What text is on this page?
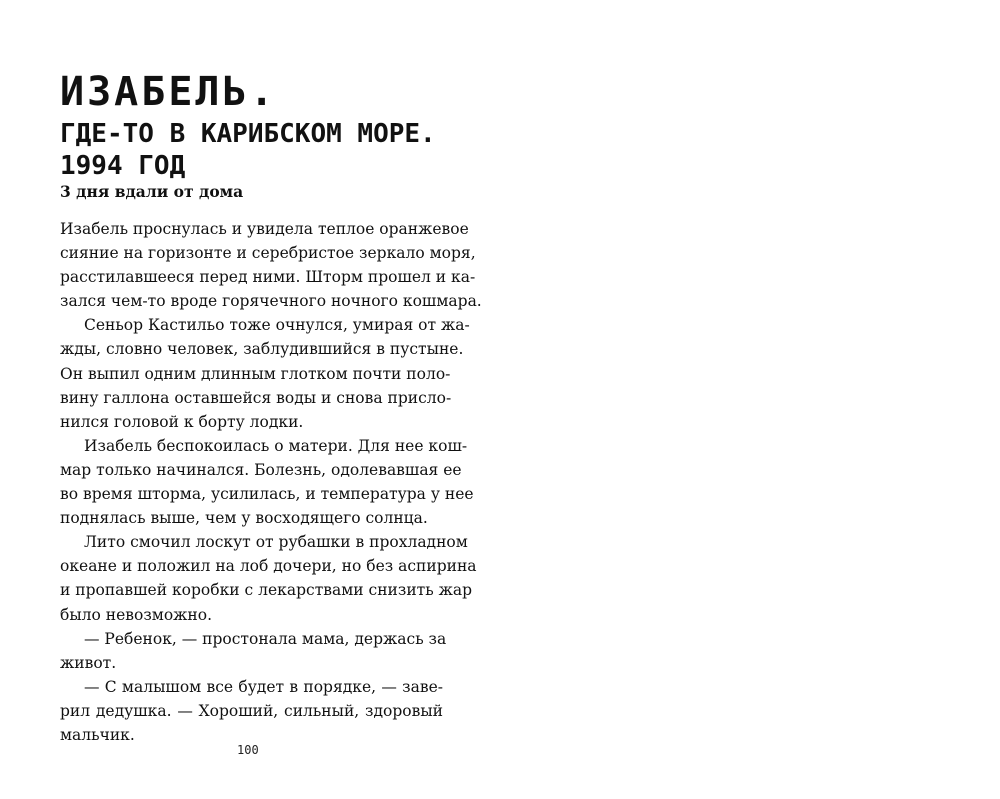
ИЗАБЕЛЬ.
ГДЕ-ТО В КАРИБСКОМ МОРЕ. 1994 ГОД
3 дня вдали от дома
Изабель проснулась и увидела теплое оранжевое
сияние на горизонте и серебристое зеркало моря,
расстилавшееся перед ними. Шторм прошел и ка-
зался чем-то вроде горячечного ночного кошмара.
Сеньор Кастильо тоже очнулся, умирая от жа-
жды, словно человек, заблудившийся в пустыне.
Он выпил одним длинным глотком почти поло-
вину галлона оставшейся воды и снова присло-
нился головой к борту лодки.
Изабель беспокоилась о матери. Для нее кош-
мар только начинался. Болезнь, одолевавшая ее
во время шторма, усилилась, и температура у нее
поднялась выше, чем у восходящего солнца.
Лито смочил лоскут от рубашки в прохладном
океане и положил на лоб дочери, но без аспирина
и пропавшей коробки с лекарствами снизить жар
было невозможно.
— Ребенок, — простонала мама, держась за
живот.
— С малышом все будет в порядке, — заве-
рил дедушка. — Хороший, сильный, здоровый
мальчик.
100
